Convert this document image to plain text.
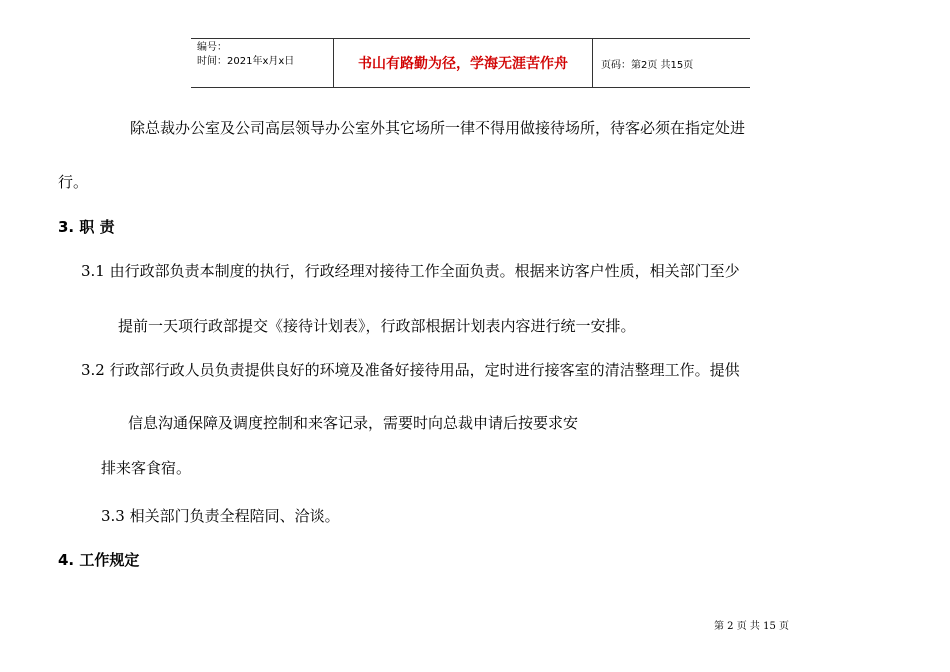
编号：
时间：2021年x月x日	书山有路勤为径，学海无涯苦作舟	页码：第2页 共15页
除总裁办公室及公司高层领导办公室外其它场所一律不得用做接待场所，待客必须在指定处进
行。
3. 职 责
3.1 由行政部负责本制度的执行，行政经理对接待工作全面负责。根据来访客户性质，相关部门至少
提前一天项行政部提交《接待计划表》，行政部根据计划表内容进行统一安排。
3.2 行政部行政人员负责提供良好的环境及准备好接待用品，定时进行接客室的清洁整理工作。提供
信息沟通保障及调度控制和来客记录，需要时向总裁申请后按要求安
排来客食宿。
3.3 相关部门负责全程陪同、洽谈。
4. 工作规定
第 2 页 共 15 页
